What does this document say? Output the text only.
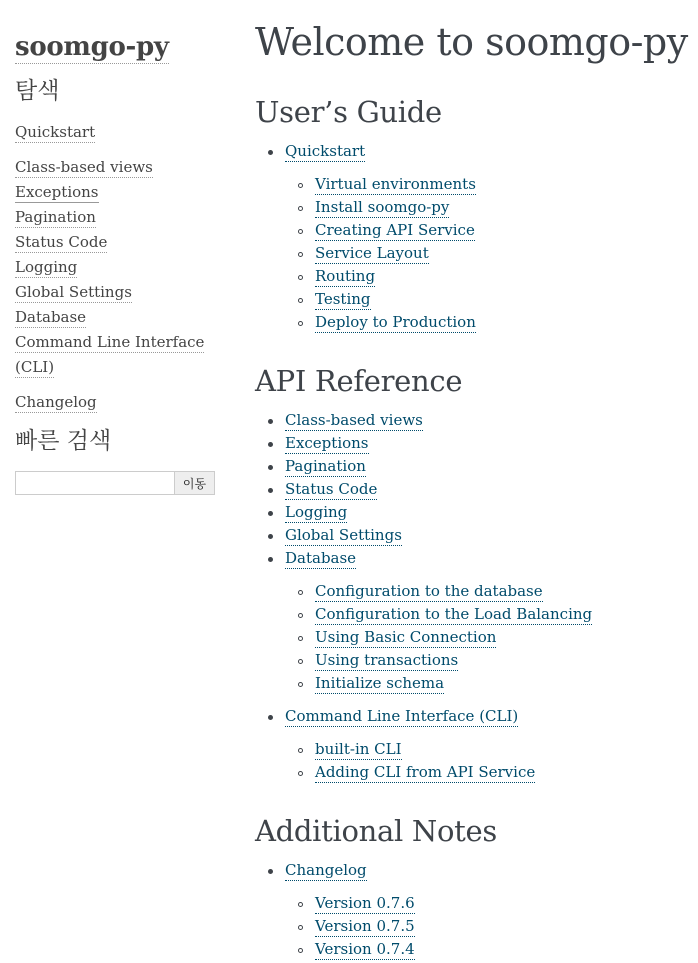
soomgo-py
탐색
Quickstart
Class-based views
Exceptions
Pagination
Status Code
Logging
Global Settings
Database
Command Line Interface
(CLI)
Changelog
빠른 검색
이동
Welcome to soomgo-py
User’s Guide
Quickstart
Virtual environments
Install soomgo-py
Creating API Service
Service Layout
Routing
Testing
Deploy to Production
API Reference
Class-based views
Exceptions
Pagination
Status Code
Logging
Global Settings
Database
Configuration to the database
Configuration to the Load Balancing
Using Basic Connection
Using transactions
Initialize schema
Command Line Interface (CLI)
built-in CLI
Adding CLI from API Service
Additional Notes
Changelog
Version 0.7.6
Version 0.7.5
Version 0.7.4
